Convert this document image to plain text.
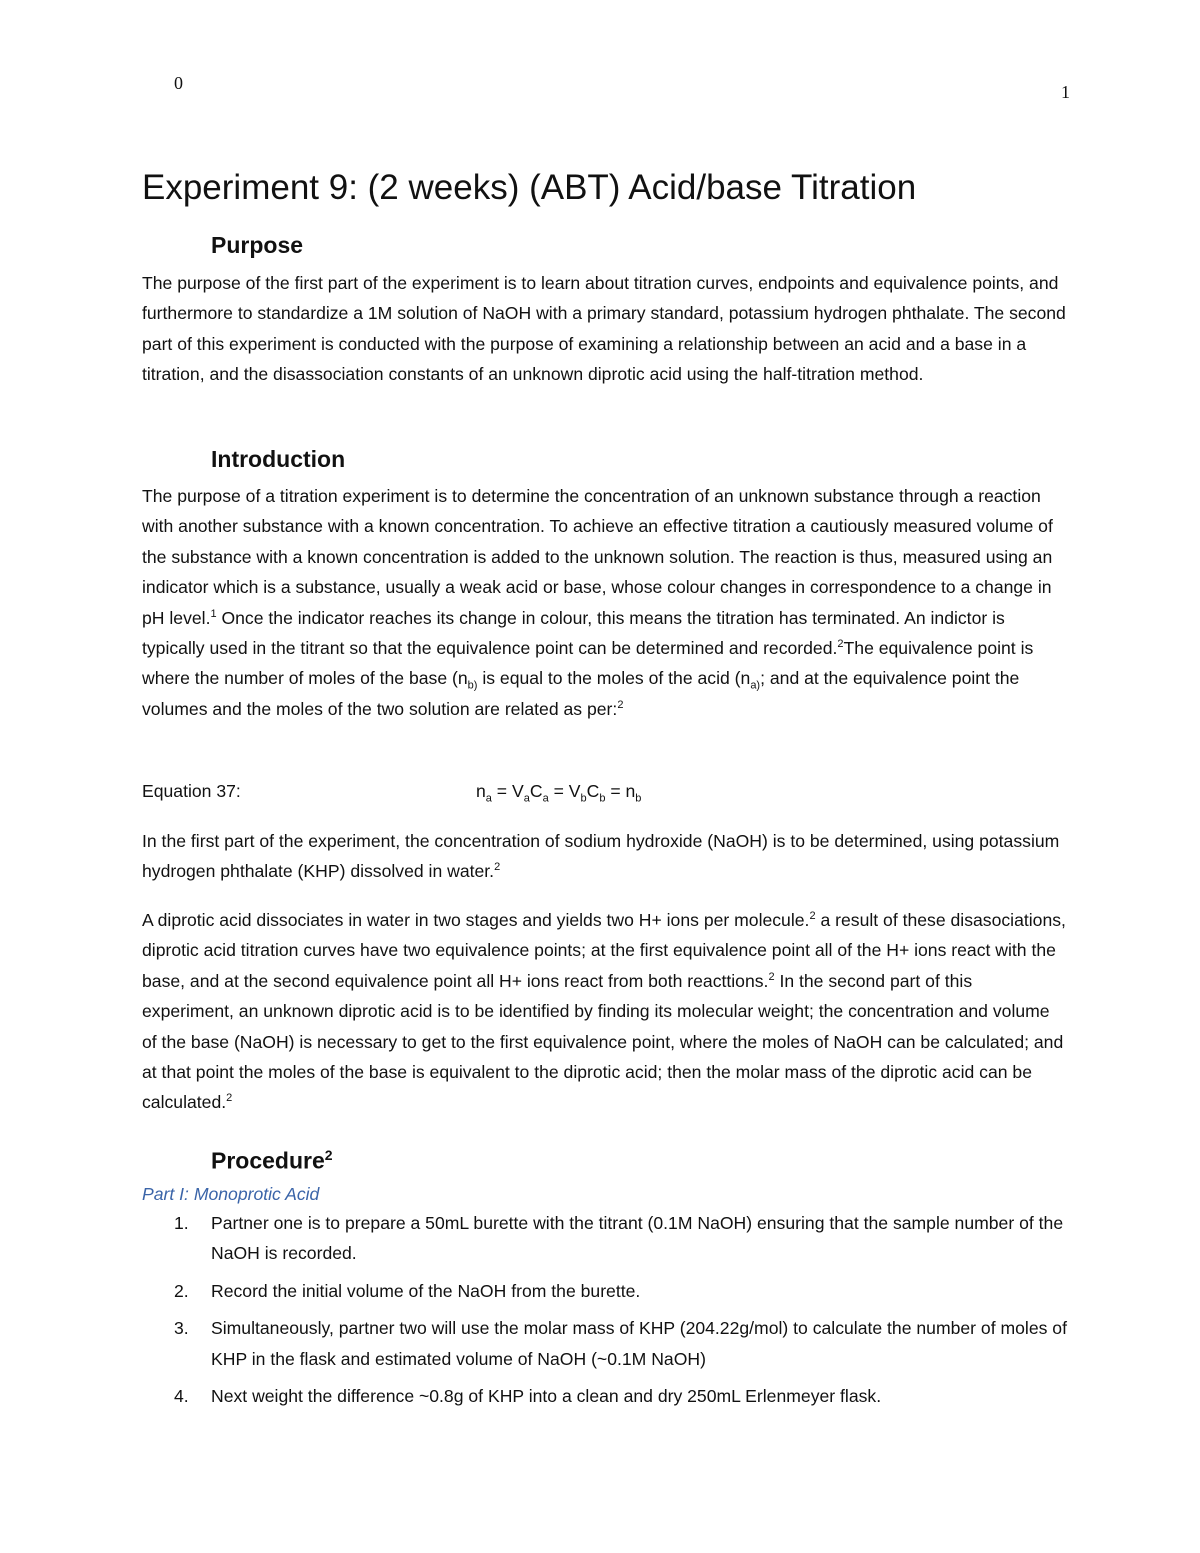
0	1
Experiment 9: (2 weeks) (ABT) Acid/base Titration
Purpose

The purpose of the first part of the experiment is to learn about titration curves, endpoints and equivalence points, and furthermore to standardize a 1M solution of NaOH with a primary standard, potassium hydrogen phthalate. The second part of this experiment is conducted with the purpose of examining a relationship between an acid and a base in a titration, and the disassociation constants of an unknown diprotic acid using the half-titration method.

Introduction

The purpose of a titration experiment is to determine the concentration of an unknown substance through a reaction with another substance with a known concentration. To achieve an effective titration a cautiously measured volume of the substance with a known concentration is added to the unknown solution. The reaction is thus, measured using an indicator which is a substance, usually a weak acid or base, whose colour changes in correspondence to a change in pH level.$^1$ Once the indicator reaches its change in colour, this means the titration has terminated. An indictor is typically used in the titrant so that the equivalence point can be determined and recorded.$^2$The equivalence point is where the number of moles of the base ($n_{b)}$ is equal to the moles of the acid ($n_{a)}$; and at the equivalence point the volumes and the moles of the two solution are related as per:$^2$

Equation 37:	$n_a = V_aC_a = V_bC_b = n_b$

In the first part of the experiment, the concentration of sodium hydroxide (NaOH) is to be determined, using potassium hydrogen phthalate (KHP) dissolved in water.$^2$

A diprotic acid dissociates in water in two stages and yields two H+ ions per molecule.$^2$ a result of these disasociations, diprotic acid titration curves have two equivalence points; at the first equivalence point all of the H+ ions react with the base, and at the second equivalence point all H+ ions react from both reacttions.$^2$ In the second part of this experiment, an unknown diprotic acid is to be identified by finding its molecular weight; the concentration and volume of the base (NaOH) is necessary to get to the first equivalence point, where the moles of NaOH can be calculated; and at that point the moles of the base is equivalent to the diprotic acid; then the molar mass of the diprotic acid can be calculated.$^2$

Procedure$^2$
Part I: Monoprotic Acid
1. Partner one is to prepare a 50mL burette with the titrant (0.1M NaOH) ensuring that the sample number of the NaOH is recorded.
2. Record the initial volume of the NaOH from the burette.
3. Simultaneously, partner two will use the molar mass of KHP (204.22g/mol) to calculate the number of moles of KHP in the flask and estimated volume of NaOH (~0.1M NaOH)
4. Next weight the difference ~0.8g of KHP into a clean and dry 250mL Erlenmeyer flask.
